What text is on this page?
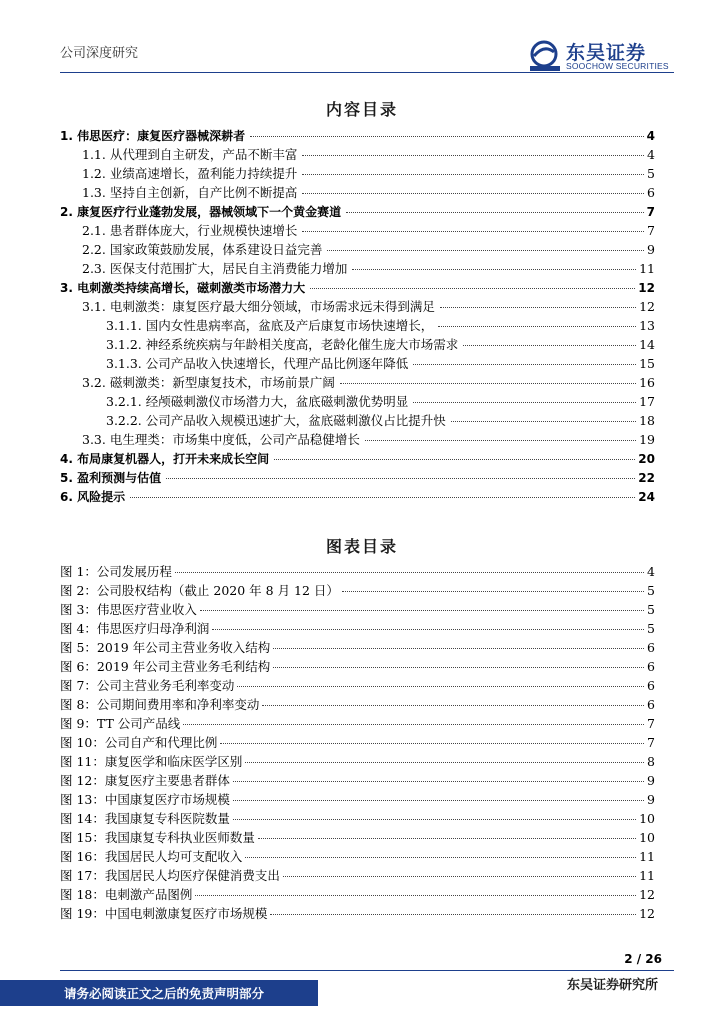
公司深度研究	东吴证券
SOOCHOW SECURITIES
内容目录
1. 伟思医疗：康复医疗器械深耕者	4
1.1. 从代理到自主研发，产品不断丰富	4
1.2. 业绩高速增长，盈利能力持续提升	5
1.3. 坚持自主创新，自产比例不断提高	6
2. 康复医疗行业蓬勃发展，器械领域下一个黄金赛道	7
2.1. 患者群体庞大，行业规模快速增长	7
2.2. 国家政策鼓励发展，体系建设日益完善	9
2.3. 医保支付范围扩大，居民自主消费能力增加	11
3. 电刺激类持续高增长，磁刺激类市场潜力大	12
3.1. 电刺激类：康复医疗最大细分领域，市场需求远未得到满足	12
3.1.1. 国内女性患病率高，盆底及产后康复市场快速增长，	13
3.1.2. 神经系统疾病与年龄相关度高，老龄化催生庞大市场需求	14
3.1.3. 公司产品收入快速增长，代理产品比例逐年降低	15
3.2. 磁刺激类：新型康复技术，市场前景广阔	16
3.2.1. 经颅磁刺激仪市场潜力大，盆底磁刺激优势明显	17
3.2.2. 公司产品收入规模迅速扩大，盆底磁刺激仪占比提升快	18
3.3. 电生理类：市场集中度低，公司产品稳健增长	19
4. 布局康复机器人，打开未来成长空间	20
5. 盈利预测与估值	22
6. 风险提示	24
图表目录
图 1：公司发展历程	4
图 2：公司股权结构（截止 2020 年 8 月 12 日）	5
图 3：伟思医疗营业收入	5
图 4：伟思医疗归母净利润	5
图 5：2019 年公司主营业务收入结构	6
图 6：2019 年公司主营业务毛利结构	6
图 7：公司主营业务毛利率变动	6
图 8：公司期间费用率和净利率变动	6
图 9：TT 公司产品线	7
图 10：公司自产和代理比例	7
图 11：康复医学和临床医学区别	8
图 12：康复医疗主要患者群体	9
图 13：中国康复医疗市场规模	9
图 14：我国康复专科医院数量	10
图 15：我国康复专科执业医师数量	10
图 16：我国居民人均可支配收入	11
图 17：我国居民人均医疗保健消费支出	11
图 18：电刺激产品图例	12
图 19：中国电刺激康复医疗市场规模	12
2 / 26
请务必阅读正文之后的免责声明部分
东吴证券研究所
